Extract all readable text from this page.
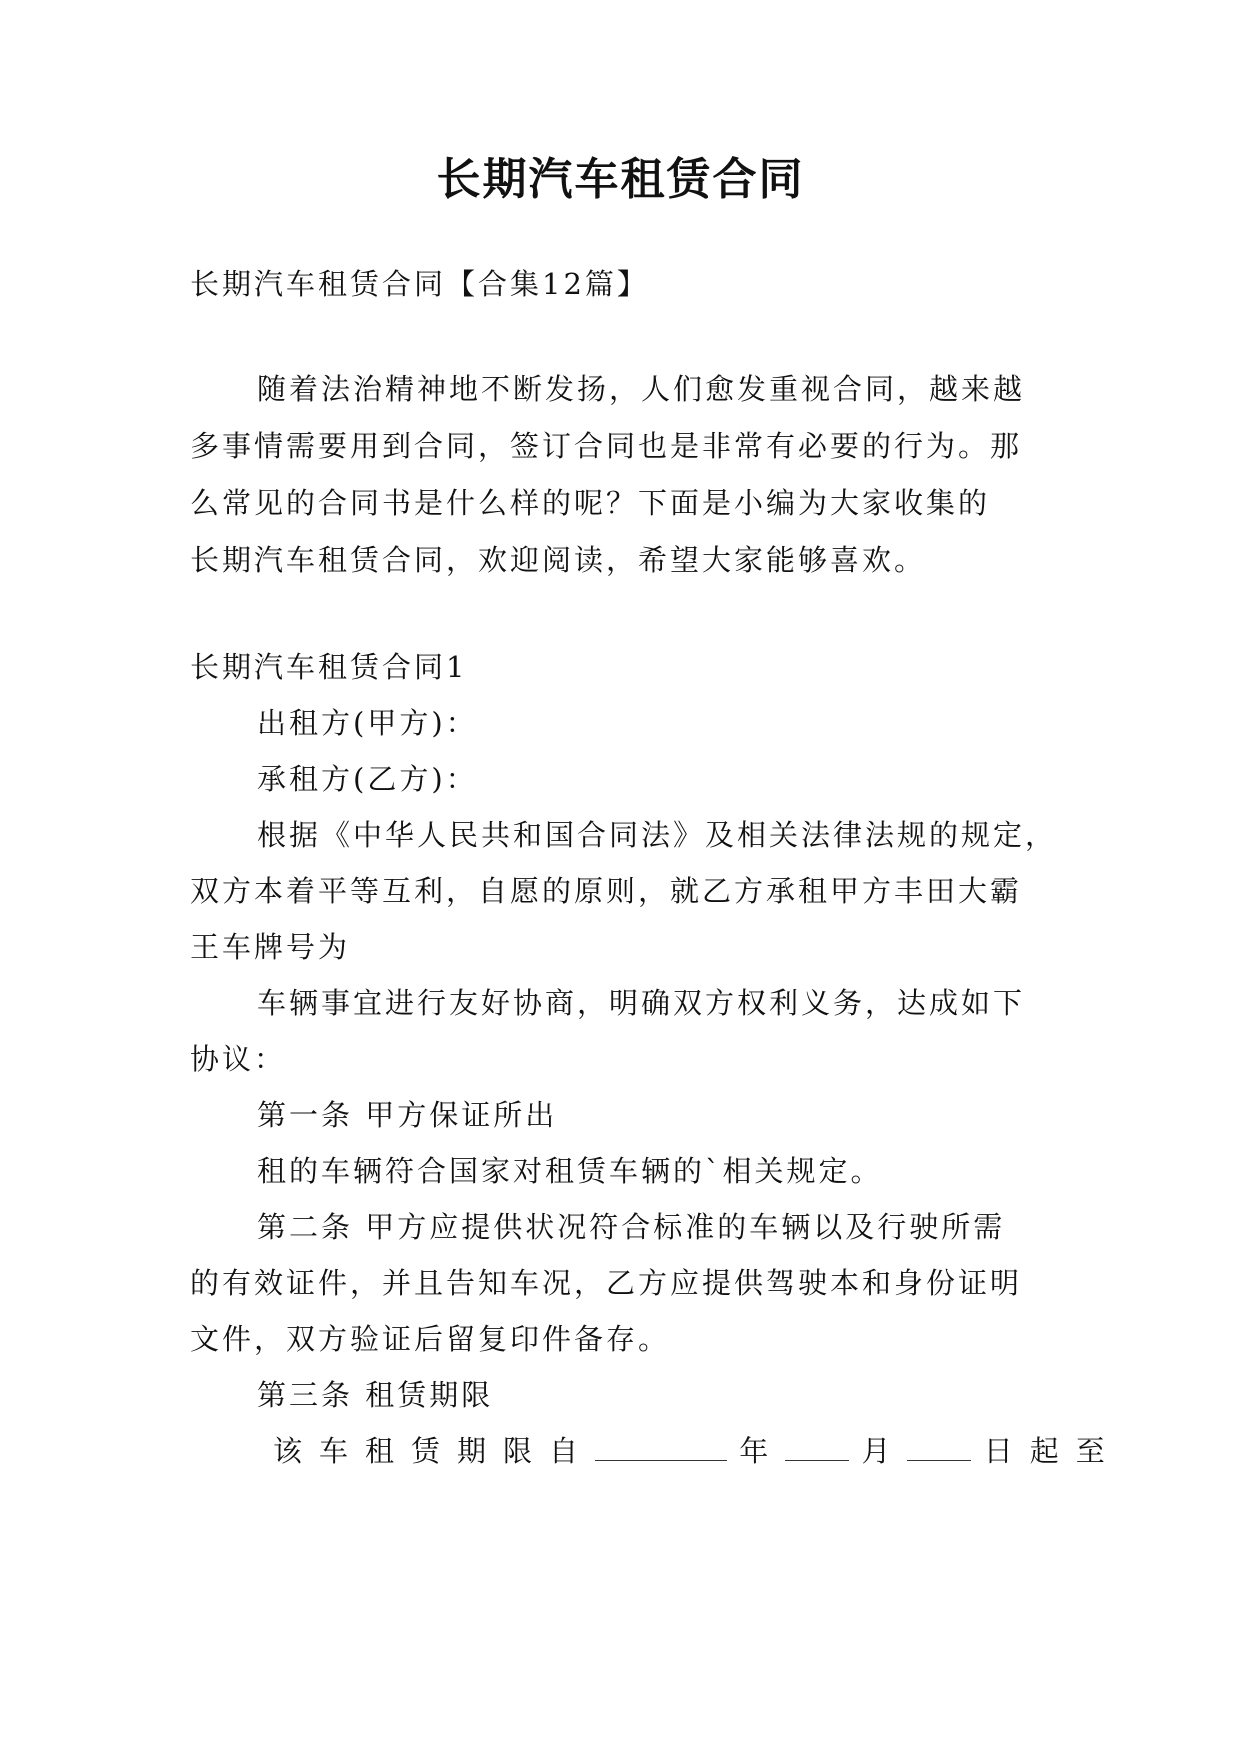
长期汽车租赁合同
长期汽车租赁合同【合集12篇】
随着法治精神地不断发扬，人们愈发重视合同，越来越
多事情需要用到合同，签订合同也是非常有必要的行为。那
么常见的合同书是什么样的呢？下面是小编为大家收集的
长期汽车租赁合同，欢迎阅读，希望大家能够喜欢。
长期汽车租赁合同1
出租方(甲方)：
承租方(乙方)：
根据《中华人民共和国合同法》及相关法律法规的规定，
双方本着平等互利，自愿的原则，就乙方承租甲方丰田大霸
王车牌号为
车辆事宜进行友好协商，明确双方权利义务，达成如下
协议：
第一条 甲方保证所出
租的车辆符合国家对租赁车辆的`相关规定。
第二条 甲方应提供状况符合标准的车辆以及行驶所需
的有效证件，并且告知车况，乙方应提供驾驶本和身份证明
文件，双方验证后留复印件备存。
第三条 租赁期限
该车租赁期限自	年	月	日起至
